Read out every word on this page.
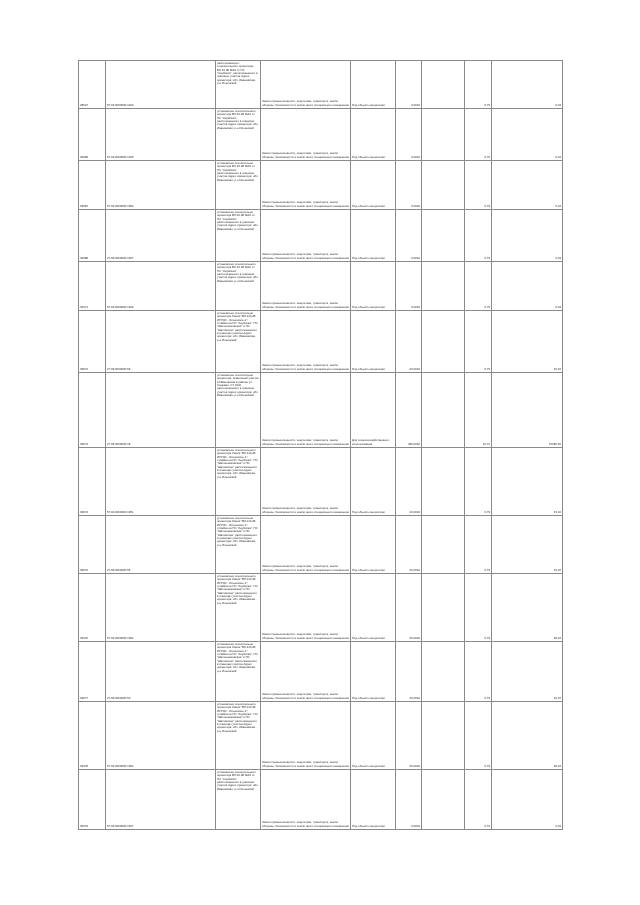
38627	57:04:0000000:1944	расположенного: относительного ориентира: ВЛ-10 кВ №10 от ПС "Ануйская", расположенного в границах участка Адрес ориентира: обл. Ивановская, р-н Ильинский	Земли промышленности, энергетики, транспорта, земли обороны, безопасности и земли иного специального назначения	Под объекты энергетики	0,0004		0,79	0,04
39668	57:04:0000000:1945	установлено относительного ориентира ВЛ-10 кВ №10 от ПС "Ануйская", расположенного в границах участка Адрес ориентира: обл. Ивановская, р-н Ильинский	Земли промышленности, энергетики, транспорта, земли обороны, безопасности и земли иного специального назначения	Под объекты энергетики	0,0004		0,79	0,04
39687	57:04:0000000:1950	установлено относительно ориентира ВЛ-10 кВ №10 от ПС "Ануйская", расположенного в границах участка Адрес ориентира: обл. Ивановская, р-н Ильинский	Земли промышленности, энергетики, транспорта, земли обороны, безопасности и земли иного специального назначения	Под объекты энергетики	0,0004		0,79	0,04
39688	27:09:0000000:1937	установлено относительно ориентира ВЛ-10 кВ №10 от ПС "Ануйская", расположенного в границах участка Адрес ориентира: обл. Ивановская, р-н Ильинский	Земли промышленности, энергетики, транспорта, земли обороны, безопасности и земли иного специального назначения	Под объекты энергетики	0,0004		0,79	0,04
39471	57:04:0000000:1946	установлено относительного ориентира ВЛ-10 кВ №10 от ПС "Ануйская", расположенного в границах участка Адрес ориентира: обл. Ивановская, р-н Ильинский	Земли промышленности, энергетики, транспорта, земли обороны, безопасности и земли иного специального назначения	Под объекты энергетики	0,0004		0,79	0,04
39672	27:09:0000000:56	установлено относительно ориентира Линия "ВЛ-110 кВ ИГРЭС - Ильинское-1", отпайка на ПС "Ануйская", ПС "Шапошниковская" и ПС "Шалинское" расположенного в границах участка Адрес ориентира: обл. Ивановская, р-н Ильинский	Земли промышленности, энергетики, транспорта, земли обороны, безопасности и земли иного специального назначения	Под объекты энергетики	20,0004		0,79	15,16
39673	27:09:0000000:18	установлено относительно ориентира: земельный участок в Ивановская в районе ул. Садовая. СТ ОАО, расположенного в границах участка Адрес ориентира: обл. Ивановская, р-н Ильинский	Земли промышленности, энергетики, транспорта, земли обороны, безопасности и земли иного специального назначения	Для сельскохозяйственного использования	425,0002		15,72	67096,36
39674	57:04:0000000:1951	установлено относительного ориентира Линия "ВЛ-110 кВ ИГРЭС - Ильинское-1", отпайка на ПС "Ануйская", ПС "Шапошниковская" и ПС "Шалинское" расположенного в границах участка Адрес ориентира: обл. Ивановская, р-н Ильинский	Земли промышленности, энергетики, транспорта, земли обороны, безопасности и земли иного специального назначения	Под объекты энергетики	20,0004		0,79	15,16
39676	27:09:0000000:55	установлено относительно ориентира Линия "ВЛ-110 кВ ИГРЭС - Ильинское-1", отпайка на ПС "Ануйская", ПС "Шапошниковская" и ПС "Шалинское" расположенного в границах участка Адрес ориентира: обл. Ивановская, р-н Ильинский	Земли промышленности, энергетики, транспорта, земли обороны, безопасности и земли иного специального назначения	Под объекты энергетики	20,0004		0,79	15,16
39476	57:04:0000000:1952	установлено относительного ориентира Линия "ВЛ-110 кВ ИГРЭС - Ильинское-1", отпайка на ПС "Ануйская", ПС "Шапошниковская" и ПС "Шалинское" расположенного в границах участка Адрес ориентира: обл. Ивановская, р-н Ильинский	Земли промышленности, энергетики, транспорта, земли обороны, безопасности и земли иного специального назначения	Под объекты энергетики	60,0004		0,79	48,24
39677	27:09:0000000:53	установлено относительно ориентира Линия "ВЛ-110 кВ ИГРЭС - Ильинское-1", отпайка на ПС "Ануйская", ПС "Шапошниковская" и ПС "Шалинское" расположенного в границах участка Адрес ориентира: обл. Ивановская, р-н Ильинский	Земли промышленности, энергетики, транспорта, земли обороны, безопасности и земли иного специального назначения	Под объекты энергетики	40,0004		0,79	32,16
39478	57:04:0000000:1953	установлено относительного ориентира Линия "ВЛ-110 кВ ИГРЭС - Ильинское-1", отпайка на ПС "Ануйская", ПС "Шапошниковская" и ПС "Шалинское" расположенного в границах участка Адрес ориентира: обл. Ивановская, р-н Ильинский	Земли промышленности, энергетики, транспорта, земли обороны, безопасности и земли иного специального назначения	Под объекты энергетики	60,0004		0,79	48,24
39479	57:04:0000000:1947	установлено относительного ориентира ВЛ-10 кВ №10 от ПС "Ануйская", расположенного в границах участка Адрес ориентира: обл. Ивановская, р-н Ильинский	Земли промышленности, энергетики, транспорта, земли обороны, безопасности и земли иного специального назначения	Под объекты энергетики	0,0004		0,79	0,04
